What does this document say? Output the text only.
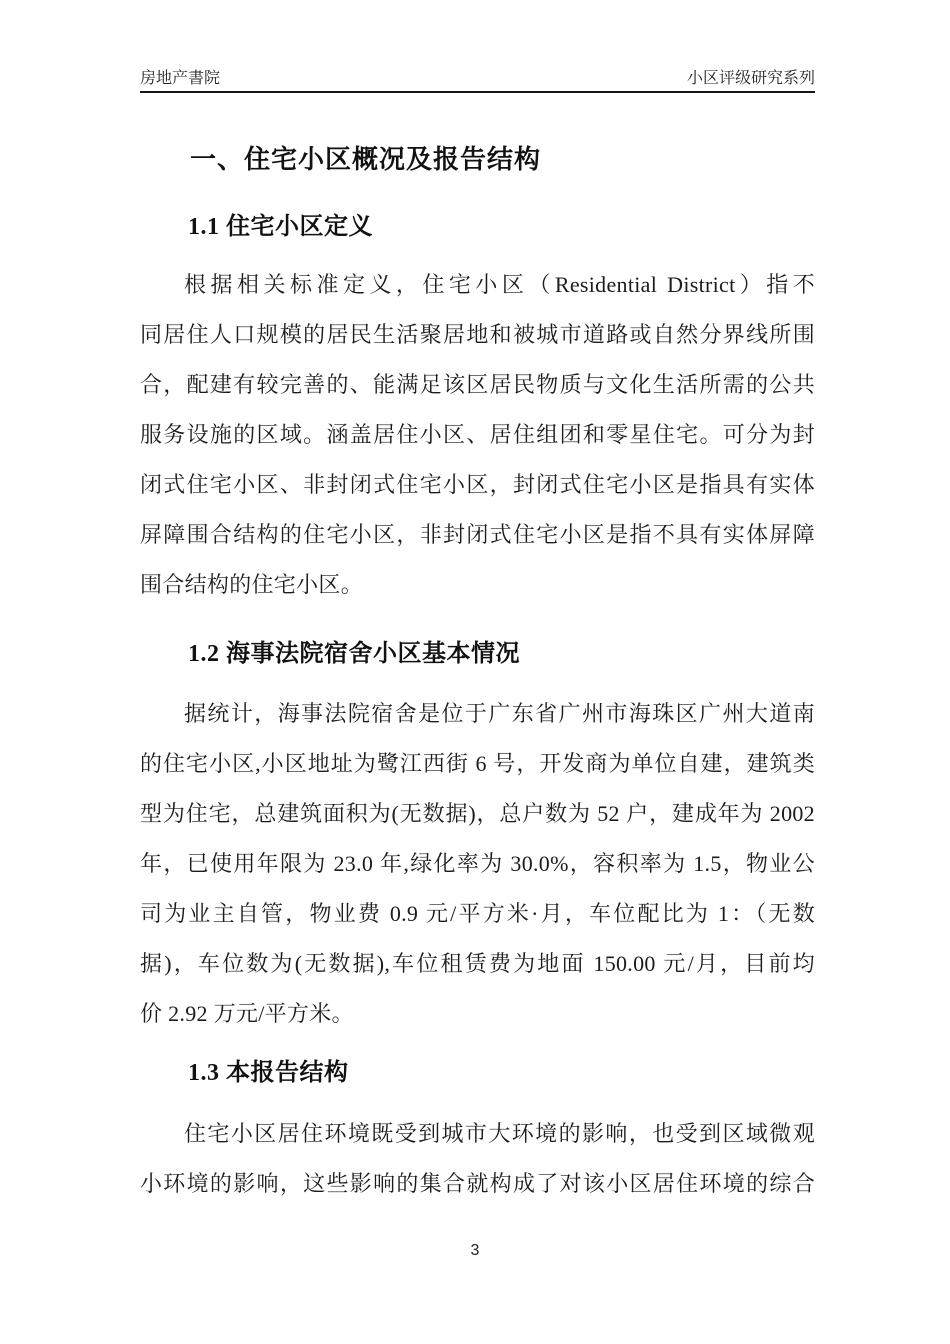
房地产書院	小区评级研究系列
一、住宅小区概况及报告结构
1.1 住宅小区定义
根据相关标准定义，住宅小区（Residential District）指不
同居住人口规模的居民生活聚居地和被城市道路或自然分界线所围
合，配建有较完善的、能满足该区居民物质与文化生活所需的公共
服务设施的区域。涵盖居住小区、居住组团和零星住宅。可分为封
闭式住宅小区、非封闭式住宅小区，封闭式住宅小区是指具有实体
屏障围合结构的住宅小区，非封闭式住宅小区是指不具有实体屏障
围合结构的住宅小区。
1.2 海事法院宿舍小区基本情况
据统计，海事法院宿舍是位于广东省广州市海珠区广州大道南
的住宅小区,小区地址为鹭江西街 6 号，开发商为单位自建，建筑类
型为住宅，总建筑面积为(无数据)，总户数为 52 户，建成年为 2002
年，已使用年限为 23.0 年,绿化率为 30.0%，容积率为 1.5，物业公
司为业主自管，物业费 0.9 元/平方米·月，车位配比为 1：（无数
据)，车位数为(无数据),车位租赁费为地面 150.00 元/月，目前均
价 2.92 万元/平方米。
1.3 本报告结构
住宅小区居住环境既受到城市大环境的影响，也受到区域微观
小环境的影响，这些影响的集合就构成了对该小区居住环境的综合
3
